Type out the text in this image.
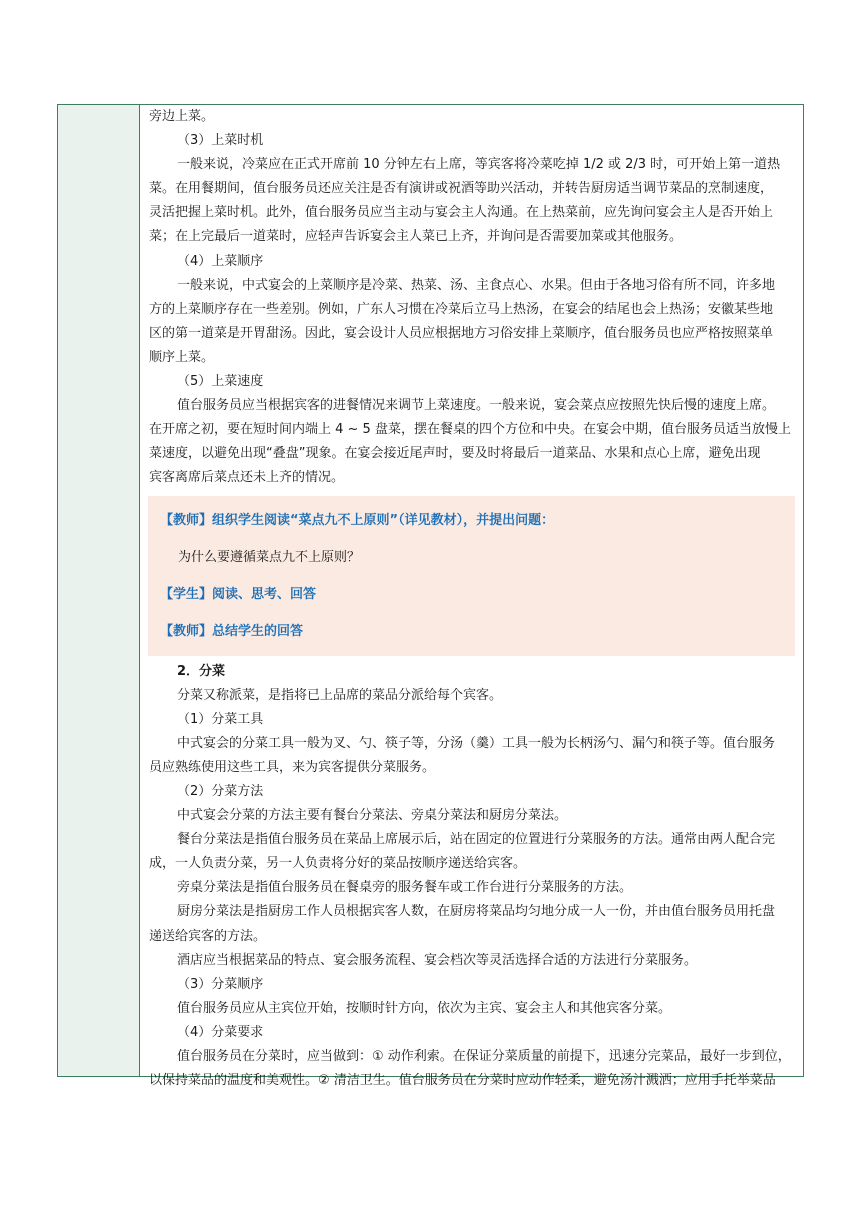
旁边上菜。
（3）上菜时机
一般来说，冷菜应在正式开席前 10 分钟左右上席，等宾客将冷菜吃掉 1/2 或 2/3 时，可开始上第一道热
菜。在用餐期间，值台服务员还应关注是否有演讲或祝酒等助兴活动，并转告厨房适当调节菜品的烹制速度，
灵活把握上菜时机。此外，值台服务员应当主动与宴会主人沟通。在上热菜前，应先询问宴会主人是否开始上
菜；在上完最后一道菜时，应轻声告诉宴会主人菜已上齐，并询问是否需要加菜或其他服务。
（4）上菜顺序
一般来说，中式宴会的上菜顺序是冷菜、热菜、汤、主食点心、水果。但由于各地习俗有所不同，许多地
方的上菜顺序存在一些差别。例如，广东人习惯在冷菜后立马上热汤，在宴会的结尾也会上热汤；安徽某些地
区的第一道菜是开胃甜汤。因此，宴会设计人员应根据地方习俗安排上菜顺序，值台服务员也应严格按照菜单
顺序上菜。
（5）上菜速度
值台服务员应当根据宾客的进餐情况来调节上菜速度。一般来说，宴会菜点应按照先快后慢的速度上席。
在开席之初，要在短时间内端上 4 ~ 5 盘菜，摆在餐桌的四个方位和中央。在宴会中期，值台服务员适当放慢上
菜速度，以避免出现“叠盘”现象。在宴会接近尾声时，要及时将最后一道菜品、水果和点心上席，避免出现
宾客离席后菜点还未上齐的情况。
【教师】组织学生阅读“菜点九不上原则”（详见教材），并提出问题：
为什么要遵循菜点九不上原则？
【学生】阅读、思考、回答
【教师】总结学生的回答
2．分菜
分菜又称派菜，是指将已上品席的菜品分派给每个宾客。
（1）分菜工具
中式宴会的分菜工具一般为叉、勺、筷子等，分汤（羹）工具一般为长柄汤勺、漏勺和筷子等。值台服务
员应熟练使用这些工具，来为宾客提供分菜服务。
（2）分菜方法
中式宴会分菜的方法主要有餐台分菜法、旁桌分菜法和厨房分菜法。
餐台分菜法是指值台服务员在菜品上席展示后，站在固定的位置进行分菜服务的方法。通常由两人配合完
成，一人负责分菜，另一人负责将分好的菜品按顺序递送给宾客。
旁桌分菜法是指值台服务员在餐桌旁的服务餐车或工作台进行分菜服务的方法。
厨房分菜法是指厨房工作人员根据宾客人数，在厨房将菜品均匀地分成一人一份，并由值台服务员用托盘
递送给宾客的方法。
酒店应当根据菜品的特点、宴会服务流程、宴会档次等灵活选择合适的方法进行分菜服务。
（3）分菜顺序
值台服务员应从主宾位开始，按顺时针方向，依次为主宾、宴会主人和其他宾客分菜。
（4）分菜要求
值台服务员在分菜时，应当做到：① 动作利索。在保证分菜质量的前提下，迅速分完菜品，最好一步到位，
以保持菜品的温度和美观性。② 清洁卫生。值台服务员在分菜时应动作轻柔，避免汤汁溅洒；应用手托举菜品
